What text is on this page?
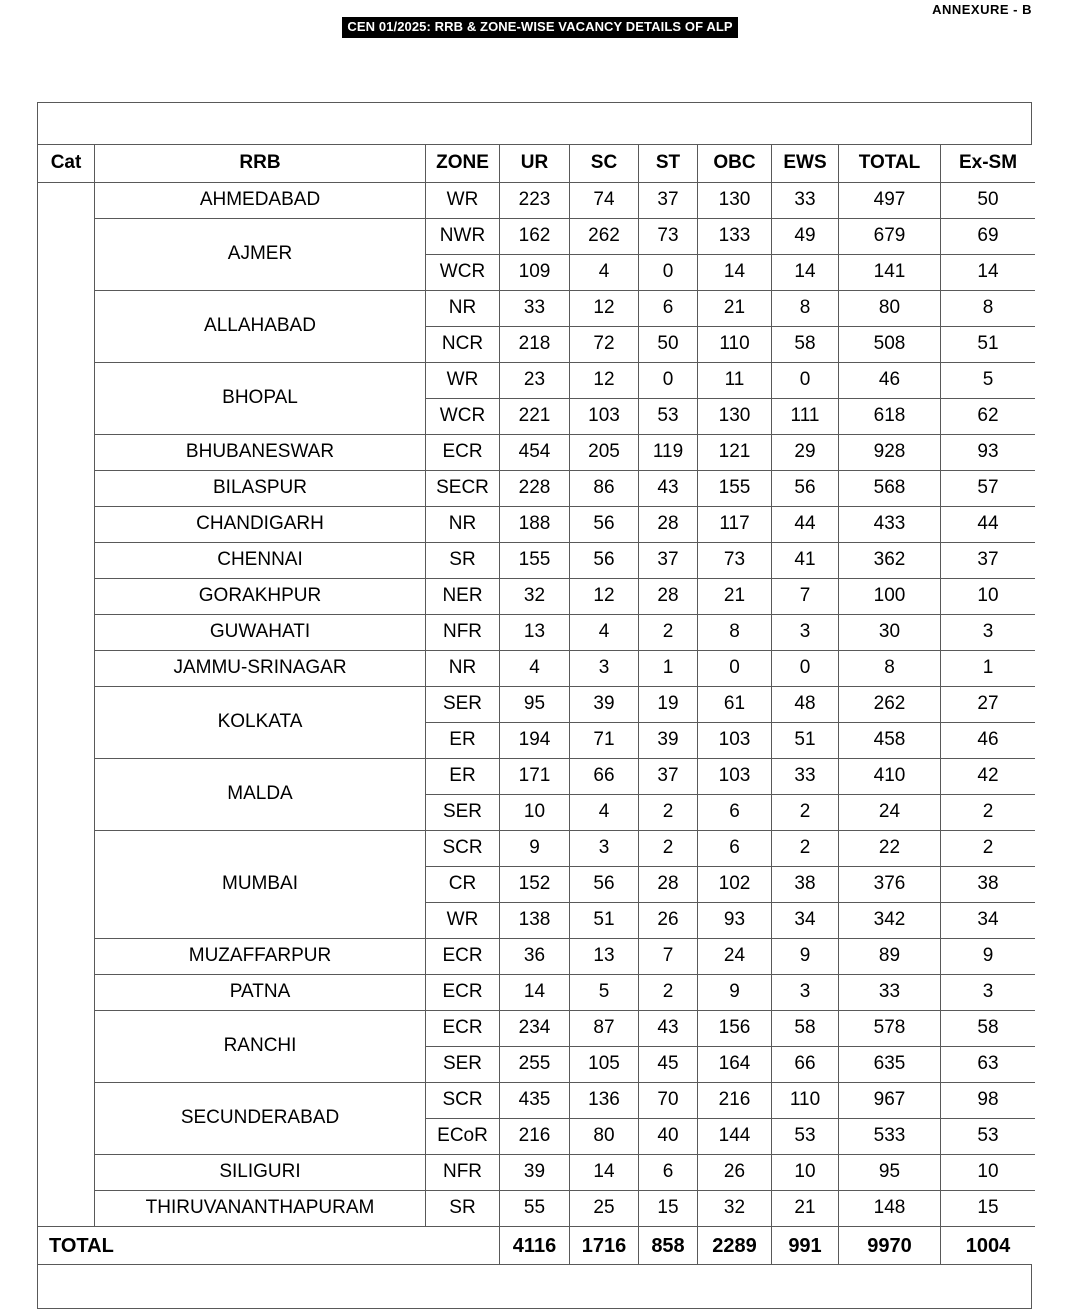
ANNEXURE - B
CEN 01/2025: RRB & ZONE-WISE VACANCY DETAILS OF ALP
Cat	RRB	ZONE	UR	SC	ST	OBC	EWS	TOTAL	Ex-SM
	AHMEDABAD	WR	223	74	37	130	33	497	50
	AJMER	NWR	162	262	73	133	49	679	69
		WCR	109	4	0	14	14	141	14
	ALLAHABAD	NR	33	12	6	21	8	80	8
		NCR	218	72	50	110	58	508	51
	BHOPAL	WR	23	12	0	11	0	46	5
		WCR	221	103	53	130	111	618	62
	BHUBANESWAR	ECR	454	205	119	121	29	928	93
	BILASPUR	SECR	228	86	43	155	56	568	57
	CHANDIGARH	NR	188	56	28	117	44	433	44
	CHENNAI	SR	155	56	37	73	41	362	37
	GORAKHPUR	NER	32	12	28	21	7	100	10
	GUWAHATI	NFR	13	4	2	8	3	30	3
	JAMMU-SRINAGAR	NR	4	3	1	0	0	8	1
	KOLKATA	SER	95	39	19	61	48	262	27
		ER	194	71	39	103	51	458	46
	MALDA	ER	171	66	37	103	33	410	42
		SER	10	4	2	6	2	24	2
	MUMBAI	SCR	9	3	2	6	2	22	2
		CR	152	56	28	102	38	376	38
		WR	138	51	26	93	34	342	34
	MUZAFFARPUR	ECR	36	13	7	24	9	89	9
	PATNA	ECR	14	5	2	9	3	33	3
	RANCHI	ECR	234	87	43	156	58	578	58
		SER	255	105	45	164	66	635	63
	SECUNDERABAD	SCR	435	136	70	216	110	967	98
		ECoR	216	80	40	144	53	533	53
	SILIGURI	NFR	39	14	6	26	10	95	10
	THIRUVANANTHAPURAM	SR	55	25	15	32	21	148	15
TOTAL			4116	1716	858	2289	991	9970	1004
